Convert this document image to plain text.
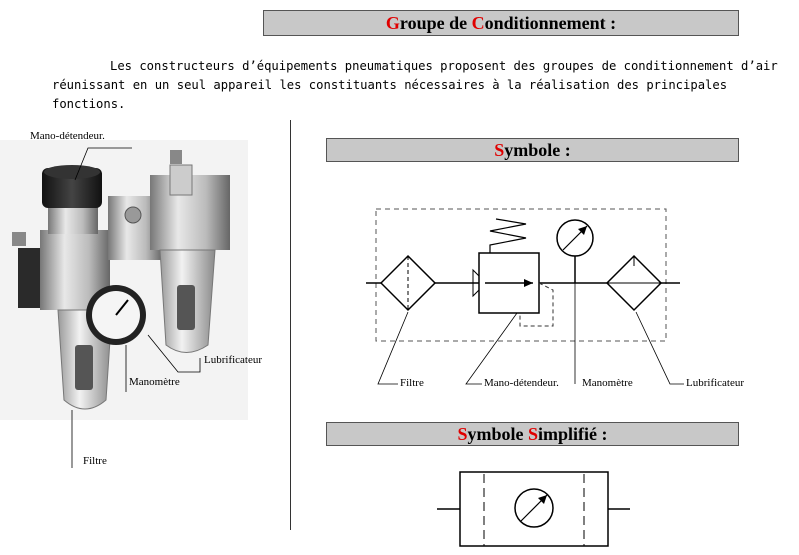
Groupe de Conditionnement :
Les constructeurs d’équipements pneumatiques proposent des groupes de conditionnement d’air
réunissant en un seul appareil les constituants nécessaires à la réalisation des principales fonctions.
Mano-détendeur.
Lubrificateur
Manomètre
Filtre
Symbole :
Filtre	Mano-détendeur. Manomètre	Lubrificateur
Symbole Simplifié :
